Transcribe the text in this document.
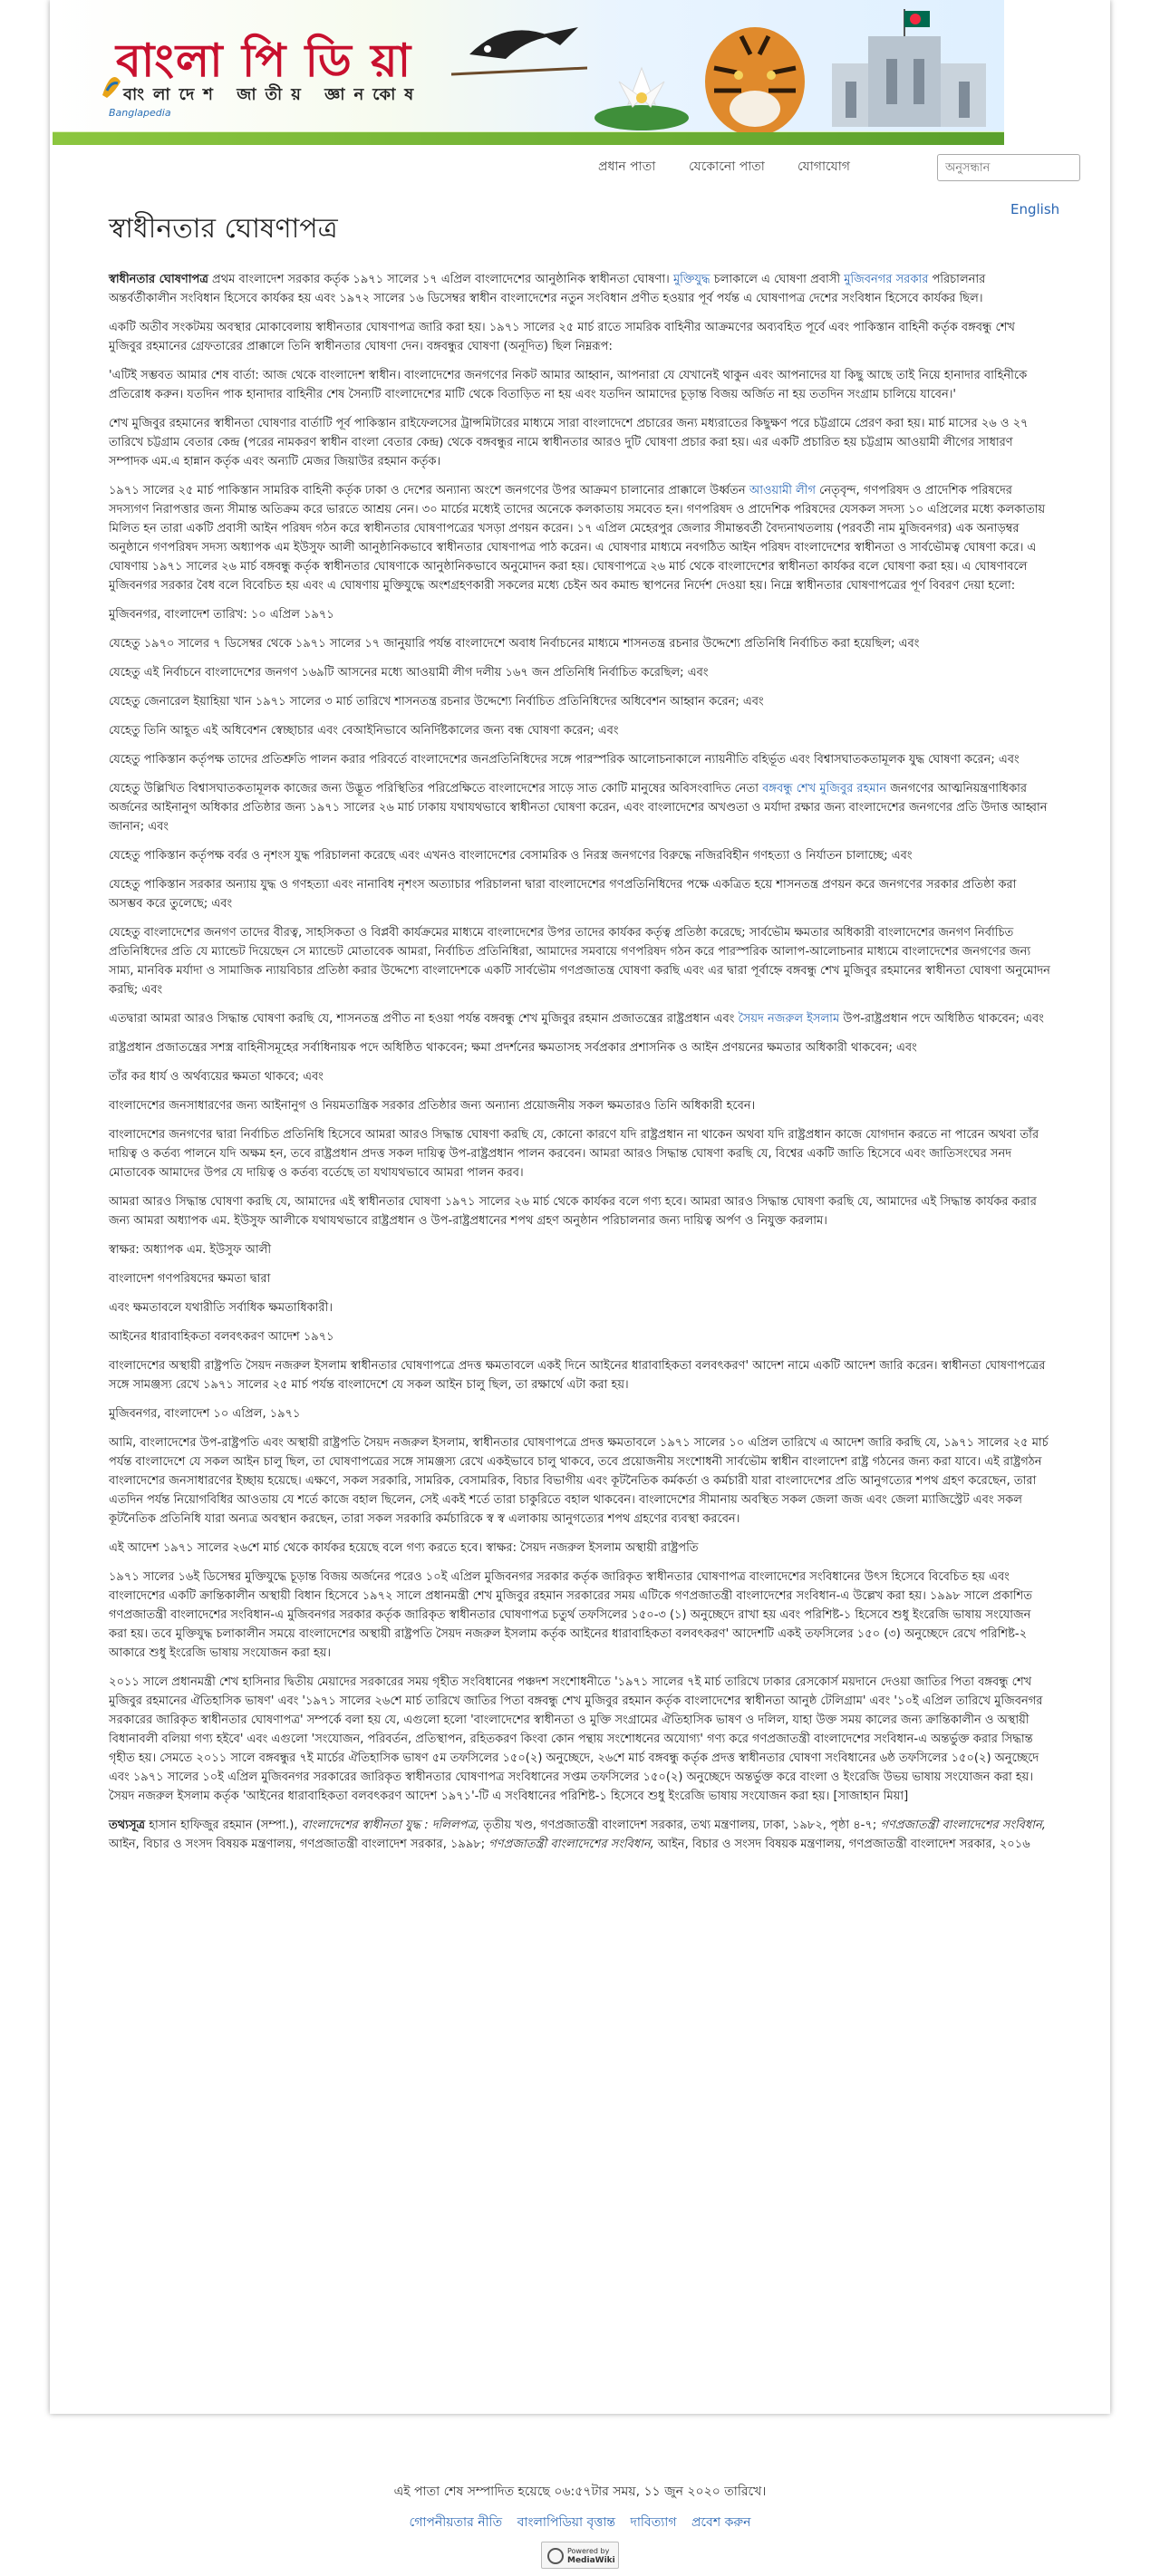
বাংলা পি ডি য়া
বাংলাদেশ জাতীয় জ্ঞানকোষ
Banglapedia
প্রধান পাতা	যেকোনো পাতা	যোগাযোগ
অনুসন্ধান
English
স্বাধীনতার ঘোষণাপত্র

স্বাধীনতার ঘোষণাপত্র প্রথম বাংলাদেশ সরকার কর্তৃক ১৯৭১ সালের ১৭ এপ্রিল বাংলাদেশের আনুষ্ঠানিক স্বাধীনতা ঘোষণা। মুক্তিযুদ্ধ চলাকালে এ ঘোষণা প্রবাসী মুজিবনগর সরকার পরিচালনার অন্তর্বর্তীকালীন সংবিধান হিসেবে কার্যকর হয় এবং ১৯৭২ সালের ১৬ ডিসেম্বর স্বাধীন বাংলাদেশের নতুন সংবিধান প্রণীত হওয়ার পূর্ব পর্যন্ত এ ঘোষণাপত্র দেশের সংবিধান হিসেবে কার্যকর ছিল।

একটি অতীব সংকটময় অবস্থার মোকাবেলায় স্বাধীনতার ঘোষণাপত্র জারি করা হয়। ১৯৭১ সালের ২৫ মার্চ রাতে সামরিক বাহিনীর আক্রমণের অব্যবহিত পূর্বে এবং পাকিস্তান বাহিনী কর্তৃক বঙ্গবন্ধু শেখ মুজিবুর রহমানের গ্রেফতারের প্রাক্কালে তিনি স্বাধীনতার ঘোষণা দেন। বঙ্গবন্ধুর ঘোষণা (অনূদিত) ছিল নিম্নরূপ:

'এটিই সম্ভবত আমার শেষ বার্তা: আজ থেকে বাংলাদেশ স্বাধীন। বাংলাদেশের জনগণের নিকট আমার আহ্বান, আপনারা যে যেখানেই থাকুন এবং আপনাদের যা কিছু আছে তাই নিয়ে হানাদার বাহিনীকে প্রতিরোধ করুন। যতদিন পাক হানাদার বাহিনীর শেষ সৈন্যটি বাংলাদেশের মাটি থেকে বিতাড়িত না হয় এবং যতদিন আমাদের চূড়ান্ত বিজয় অর্জিত না হয় ততদিন সংগ্রাম চালিয়ে যাবেন।'

শেখ মুজিবুর রহমানের স্বাধীনতা ঘোষণার বার্তাটি পূর্ব পাকিস্তান রাইফেলসের ট্রান্সমিটারের মাধ্যমে সারা বাংলাদেশে প্রচারের জন্য মধ্যরাতের কিছুক্ষণ পরে চট্টগ্রামে প্রেরণ করা হয়। মার্চ মাসের ২৬ ও ২৭ তারিখে চট্টগ্রাম বেতার কেন্দ্র (পরের নামকরণ স্বাধীন বাংলা বেতার কেন্দ্র) থেকে বঙ্গবন্ধুর নামে স্বাধীনতার আরও দুটি ঘোষণা প্রচার করা হয়। এর একটি প্রচারিত হয় চট্টগ্রাম আওয়ামী লীগের সাধারণ সম্পাদক এম.এ হান্নান কর্তৃক এবং অন্যটি মেজর জিয়াউর রহমান কর্তৃক।

১৯৭১ সালের ২৫ মার্চ পাকিস্তান সামরিক বাহিনী কর্তৃক ঢাকা ও দেশের অন্যান্য অংশে জনগণের উপর আক্রমণ চালানোর প্রাক্কালে উর্ধ্বতন আওয়ামী লীগ নেতৃবৃন্দ, গণপরিষদ ও প্রাদেশিক পরিষদের সদস্যগণ নিরাপত্তার জন্য সীমান্ত অতিক্রম করে ভারতে আশ্রয় নেন। ৩০ মার্চের মধ্যেই তাদের অনেকে কলকাতায় সমবেত হন। গণপরিষদ ও প্রাদেশিক পরিষদের যেসকল সদস্য ১০ এপ্রিলের মধ্যে কলকাতায় মিলিত হন তারা একটি প্রবাসী আইন পরিষদ গঠন করে স্বাধীনতার ঘোষণাপত্রের খসড়া প্রণয়ন করেন। ১৭ এপ্রিল মেহেরপুর জেলার সীমান্তবর্তী বৈদ্যনাথতলায় (পরবর্তী নাম মুজিবনগর) এক অনাড়ম্বর অনুষ্ঠানে গণপরিষদ সদস্য অধ্যাপক এম ইউসুফ আলী আনুষ্ঠানিকভাবে স্বাধীনতার ঘোষণাপত্র পাঠ করেন। এ ঘোষণার মাধ্যমে নবগঠিত আইন পরিষদ বাংলাদেশের স্বাধীনতা ও সার্বভৌমত্ব ঘোষণা করে। এ ঘোষণায় ১৯৭১ সালের ২৬ মার্চ বঙ্গবন্ধু কর্তৃক স্বাধীনতার ঘোষণাকে আনুষ্ঠানিকভাবে অনুমোদন করা হয়। ঘোষণাপত্রে ২৬ মার্চ থেকে বাংলাদেশের স্বাধীনতা কার্যকর বলে ঘোষণা করা হয়। এ ঘোষণাবলে মুজিবনগর সরকার বৈধ বলে বিবেচিত হয় এবং এ ঘোষণায় মুক্তিযুদ্ধে অংশগ্রহণকারী সকলের মধ্যে চেইন অব কমান্ড স্থাপনের নির্দেশ দেওয়া হয়। নিম্নে স্বাধীনতার ঘোষণাপত্রের পূর্ণ বিবরণ দেয়া হলো:

মুজিবনগর, বাংলাদেশ তারিখ: ১০ এপ্রিল ১৯৭১

যেহেতু ১৯৭০ সালের ৭ ডিসেম্বর থেকে ১৯৭১ সালের ১৭ জানুয়ারি পর্যন্ত বাংলাদেশে অবাধ নির্বাচনের মাধ্যমে শাসনতন্ত্র রচনার উদ্দেশ্যে প্রতিনিধি নির্বাচিত করা হয়েছিল; এবং

যেহেতু এই নির্বাচনে বাংলাদেশের জনগণ ১৬৯টি আসনের মধ্যে আওয়ামী লীগ দলীয় ১৬৭ জন প্রতিনিধি নির্বাচিত করেছিল; এবং

যেহেতু জেনারেল ইয়াহিয়া খান ১৯৭১ সালের ৩ মার্চ তারিখে শাসনতন্ত্র রচনার উদ্দেশ্যে নির্বাচিত প্রতিনিধিদের অধিবেশন আহ্বান করেন; এবং

যেহেতু তিনি আহূত এই অধিবেশন স্বেচ্ছাচার এবং বেআইনিভাবে অনির্দিষ্টকালের জন্য বন্ধ ঘোষণা করেন; এবং

যেহেতু পাকিস্তান কর্তৃপক্ষ তাদের প্রতিশ্রুতি পালন করার পরিবর্তে বাংলাদেশের জনপ্রতিনিধিদের সঙ্গে পারস্পরিক আলোচনাকালে ন্যায়নীতি বহির্ভূত এবং বিশ্বাসঘাতকতামূলক যুদ্ধ ঘোষণা করেন; এবং

যেহেতু উল্লিখিত বিশ্বাসঘাতকতামূলক কাজের জন্য উদ্ভূত পরিস্থিতির পরিপ্রেক্ষিতে বাংলাদেশের সাড়ে সাত কোটি মানুষের অবিসংবাদিত নেতা বঙ্গবন্ধু শেখ মুজিবুর রহমান জনগণের আত্মনিয়ন্ত্রণাধিকার অর্জনের আইনানুগ অধিকার প্রতিষ্ঠার জন্য ১৯৭১ সালের ২৬ মার্চ ঢাকায় যথাযথভাবে স্বাধীনতা ঘোষণা করেন, এবং বাংলাদেশের অখণ্ডতা ও মর্যাদা রক্ষার জন্য বাংলাদেশের জনগণের প্রতি উদাত্ত আহ্বান জানান; এবং

যেহেতু পাকিস্তান কর্তৃপক্ষ বর্বর ও নৃশংস যুদ্ধ পরিচালনা করেছে এবং এখনও বাংলাদেশের বেসামরিক ও নিরস্ত্র জনগণের বিরুদ্ধে নজিরবিহীন গণহত্যা ও নির্যাতন চালাচ্ছে; এবং

যেহেতু পাকিস্তান সরকার অন্যায় যুদ্ধ ও গণহত্যা এবং নানাবিধ নৃশংস অত্যাচার পরিচালনা দ্বারা বাংলাদেশের গণপ্রতিনিধিদের পক্ষে একত্রিত হয়ে শাসনতন্ত্র প্রণয়ন করে জনগণের সরকার প্রতিষ্ঠা করা অসম্ভব করে তুলেছে; এবং

যেহেতু বাংলাদেশের জনগণ তাদের বীরত্ব, সাহসিকতা ও বিপ্লবী কার্যক্রমের মাধ্যমে বাংলাদেশের উপর তাদের কার্যকর কর্তৃত্ব প্রতিষ্ঠা করেছে; সার্বভৌম ক্ষমতার অধিকারী বাংলাদেশের জনগণ নির্বাচিত প্রতিনিধিদের প্রতি যে ম্যান্ডেট দিয়েছেন সে ম্যান্ডেট মোতাবেক আমরা, নির্বাচিত প্রতিনিধিরা, আমাদের সমবায়ে গণপরিষদ গঠন করে পারস্পরিক আলাপ-আলোচনার মাধ্যমে বাংলাদেশের জনগণের জন্য সাম্য, মানবিক মর্যাদা ও সামাজিক ন্যায়বিচার প্রতিষ্ঠা করার উদ্দেশ্যে বাংলাদেশকে একটি সার্বভৌম গণপ্রজাতন্ত্র ঘোষণা করছি এবং এর দ্বারা পূর্বাহ্নে বঙ্গবন্ধু শেখ মুজিবুর রহমানের স্বাধীনতা ঘোষণা অনুমোদন করছি; এবং

এতদ্বারা আমরা আরও সিদ্ধান্ত ঘোষণা করছি যে, শাসনতন্ত্র প্রণীত না হওয়া পর্যন্ত বঙ্গবন্ধু শেখ মুজিবুর রহমান প্রজাতন্ত্রের রাষ্ট্রপ্রধান এবং সৈয়দ নজরুল ইসলাম উপ-রাষ্ট্রপ্রধান পদে অধিষ্ঠিত থাকবেন; এবং

রাষ্ট্রপ্রধান প্রজাতন্ত্রের সশস্ত্র বাহিনীসমূহের সর্বাধিনায়ক পদে অধিষ্ঠিত থাকবেন; ক্ষমা প্রদর্শনের ক্ষমতাসহ সর্বপ্রকার প্রশাসনিক ও আইন প্রণয়নের ক্ষমতার অধিকারী থাকবেন; এবং

তাঁর কর ধার্য ও অর্থব্যয়ের ক্ষমতা থাকবে; এবং

বাংলাদেশের জনসাধারণের জন্য আইনানুগ ও নিয়মতান্ত্রিক সরকার প্রতিষ্ঠার জন্য অন্যান্য প্রয়োজনীয় সকল ক্ষমতারও তিনি অধিকারী হবেন।

বাংলাদেশের জনগণের দ্বারা নির্বাচিত প্রতিনিধি হিসেবে আমরা আরও সিদ্ধান্ত ঘোষণা করছি যে, কোনো কারণে যদি রাষ্ট্রপ্রধান না থাকেন অথবা যদি রাষ্ট্রপ্রধান কাজে যোগদান করতে না পারেন অথবা তাঁর দায়িত্ব ও কর্তব্য পালনে যদি অক্ষম হন, তবে রাষ্ট্রপ্রধান প্রদত্ত সকল দায়িত্ব উপ-রাষ্ট্রপ্রধান পালন করবেন। আমরা আরও সিদ্ধান্ত ঘোষণা করছি যে, বিশ্বের একটি জাতি হিসেবে এবং জাতিসংঘের সনদ মোতাবেক আমাদের উপর যে দায়িত্ব ও কর্তব্য বর্তেছে তা যথাযথভাবে আমরা পালন করব।

আমরা আরও সিদ্ধান্ত ঘোষণা করছি যে, আমাদের এই স্বাধীনতার ঘোষণা ১৯৭১ সালের ২৬ মার্চ থেকে কার্যকর বলে গণ্য হবে। আমরা আরও সিদ্ধান্ত ঘোষণা করছি যে, আমাদের এই সিদ্ধান্ত কার্যকর করার জন্য আমরা অধ্যাপক এম. ইউসুফ আলীকে যথাযথভাবে রাষ্ট্রপ্রধান ও উপ-রাষ্ট্রপ্রধানের শপথ গ্রহণ অনুষ্ঠান পরিচালনার জন্য দায়িত্ব অর্পণ ও নিযুক্ত করলাম।

স্বাক্ষর: অধ্যাপক এম. ইউসুফ আলী

বাংলাদেশ গণপরিষদের ক্ষমতা দ্বারা

এবং ক্ষমতাবলে যথারীতি সর্বাধিক ক্ষমতাধিকারী।

আইনের ধারাবাহিকতা বলবৎকরণ আদেশ ১৯৭১

বাংলাদেশের অস্থায়ী রাষ্ট্রপতি সৈয়দ নজরুল ইসলাম স্বাধীনতার ঘোষণাপত্রে প্রদত্ত ক্ষমতাবলে একই দিনে আইনের ধারাবাহিকতা বলবৎকরণ' আদেশ নামে একটি আদেশ জারি করেন। স্বাধীনতা ঘোষণাপত্রের সঙ্গে সামঞ্জস্য রেখে ১৯৭১ সালের ২৫ মার্চ পর্যন্ত বাংলাদেশে যে সকল আইন চালু ছিল, তা রক্ষার্থে এটা করা হয়।

মুজিবনগর, বাংলাদেশ ১০ এপ্রিল, ১৯৭১

আমি, বাংলাদেশের উপ-রাষ্ট্রপতি এবং অস্থায়ী রাষ্ট্রপতি সৈয়দ নজরুল ইসলাম, স্বাধীনতার ঘোষণাপত্রে প্রদত্ত ক্ষমতাবলে ১৯৭১ সালের ১০ এপ্রিল তারিখে এ আদেশ জারি করছি যে, ১৯৭১ সালের ২৫ মার্চ পর্যন্ত বাংলাদেশে যে সকল আইন চালু ছিল, তা ঘোষণাপত্রের সঙ্গে সামঞ্জস্য রেখে একইভাবে চালু থাকবে, তবে প্রয়োজনীয় সংশোধনী সার্বভৌম স্বাধীন বাংলাদেশ রাষ্ট্র গঠনের জন্য করা যাবে। এই রাষ্ট্রগঠন বাংলাদেশের জনসাধারণের ইচ্ছায় হয়েছে। এক্ষণে, সকল সরকারি, সামরিক, বেসামরিক, বিচার বিভাগীয় এবং কূটনৈতিক কর্মকর্তা ও কর্মচারী যারা বাংলাদেশের প্রতি আনুগত্যের শপথ গ্রহণ করেছেন, তারা এতদিন পর্যন্ত নিয়োগবিধির আওতায় যে শর্তে কাজে বহাল ছিলেন, সেই একই শর্তে তারা চাকুরিতে বহাল থাকবেন। বাংলাদেশের সীমানায় অবস্থিত সকল জেলা জজ এবং জেলা ম্যাজিস্ট্রেট এবং সকল কূটনৈতিক প্রতিনিধি যারা অন্যত্র অবস্থান করছেন, তারা সকল সরকারি কর্মচারিকে স্ব স্ব এলাকায় আনুগত্যের শপথ গ্রহণের ব্যবস্থা করবেন।

এই আদেশ ১৯৭১ সালের ২৬শে মার্চ থেকে কার্যকর হয়েছে বলে গণ্য করতে হবে। স্বাক্ষর: সৈয়দ নজরুল ইসলাম অস্থায়ী রাষ্ট্রপতি

১৯৭১ সালের ১৬ই ডিসেম্বর মুক্তিযুদ্ধে চূড়ান্ত বিজয় অর্জনের পরেও ১০ই এপ্রিল মুজিবনগর সরকার কর্তৃক জারিকৃত স্বাধীনতার ঘোষণাপত্র বাংলাদেশের সংবিধানের উৎস হিসেবে বিবেচিত হয় এবং বাংলাদেশের একটি ক্রান্তিকালীন অস্থায়ী বিধান হিসেবে ১৯৭২ সালে প্রধানমন্ত্রী শেখ মুজিবুর রহমান সরকারের সময় এটিকে গণপ্রজাতন্ত্রী বাংলাদেশের সংবিধান-এ উল্লেখ করা হয়। ১৯৯৮ সালে প্রকাশিত গণপ্রজাতন্ত্রী বাংলাদেশের সংবিধান-এ মুজিবনগর সরকার কর্তৃক জারিকৃত স্বাধীনতার ঘোষণাপত্র চতুর্থ তফসিলের ১৫০-৩ (১) অনুচ্ছেদে রাখা হয় এবং পরিশিষ্ট-১ হিসেবে শুধু ইংরেজি ভাষায় সংযোজন করা হয়। তবে মুক্তিযুদ্ধ চলাকালীন সময়ে বাংলাদেশের অস্থায়ী রাষ্ট্রপতি সৈয়দ নজরুল ইসলাম কর্তৃক আইনের ধারাবাহিকতা বলবৎকরণ' আদেশটি একই তফসিলের ১৫০ (৩) অনুচ্ছেদে রেখে পরিশিষ্ট-২ আকারে শুধু ইংরেজি ভাষায় সংযোজন করা হয়।

২০১১ সালে প্রধানমন্ত্রী শেখ হাসিনার দ্বিতীয় মেয়াদের সরকারের সময় গৃহীত সংবিধানের পঞ্চদশ সংশোধনীতে '১৯৭১ সালের ৭ই মার্চ তারিখে ঢাকার রেসকোর্স ময়দানে দেওয়া জাতির পিতা বঙ্গবন্ধু শেখ মুজিবুর রহমানের ঐতিহাসিক ভাষণ' এবং '১৯৭১ সালের ২৬শে মার্চ তারিখে জাতির পিতা বঙ্গবন্ধু শেখ মুজিবুর রহমান কর্তৃক বাংলাদেশের স্বাধীনতা আনুষ্ঠ টেলিগ্রাম' এবং '১০ই এপ্রিল তারিখে মুজিবনগর সরকারের জারিকৃত স্বাধীনতার ঘোষণাপত্র' সম্পর্কে বলা হয় যে, এগুলো হলো 'বাংলাদেশের স্বাধীনতা ও মুক্তি সংগ্রামের ঐতিহাসিক ভাষণ ও দলিল, যাহা উক্ত সময় কালের জন্য ক্রান্তিকালীন ও অস্থায়ী বিধানাবলী বলিয়া গণ্য হইবে' এবং এগুলো 'সংযোজন, পরিবর্তন, প্রতিস্থাপন, রহিতকরণ কিংবা কোন পন্থায় সংশোধনের অযোগ্য' গণ্য করে গণপ্রজাতন্ত্রী বাংলাদেশের সংবিধান-এ অন্তর্ভুক্ত করার সিদ্ধান্ত গৃহীত হয়। সেমতে ২০১১ সালে বঙ্গবন্ধুর ৭ই মার্চের ঐতিহাসিক ভাষণ ৫ম তফসিলের ১৫০(২) অনুচ্ছেদে, ২৬শে মার্চ বঙ্গবন্ধু কর্তৃক প্রদত্ত স্বাধীনতার ঘোষণা সংবিধানের ৬ষ্ঠ তফসিলের ১৫০(২) অনুচ্ছেদে এবং ১৯৭১ সালের ১০ই এপ্রিল মুজিবনগর সরকারের জারিকৃত স্বাধীনতার ঘোষণাপত্র সংবিধানের সপ্তম তফসিলের ১৫০(২) অনুচ্ছেদে অন্তর্ভুক্ত করে বাংলা ও ইংরেজি উভয় ভাষায় সংযোজন করা হয়। সৈয়দ নজরুল ইসলাম কর্তৃক 'আইনের ধারাবাহিকতা বলবৎকরণ আদেশ ১৯৭১'-টি এ সংবিধানের পরিশিষ্ট-১ হিসেবে শুধু ইংরেজি ভাষায় সংযোজন করা হয়। [সাজাহান মিয়া]

তথ্যসূত্র হাসান হাফিজুর রহমান (সম্পা.), বাংলাদেশের স্বাধীনতা যুদ্ধ : দলিলপত্র, তৃতীয় খণ্ড, গণপ্রজাতন্ত্রী বাংলাদেশ সরকার, তথ্য মন্ত্রণালয়, ঢাকা, ১৯৮২, পৃষ্ঠা ৪-৭; গণপ্রজাতন্ত্রী বাংলাদেশের সংবিধান, আইন, বিচার ও সংসদ বিষয়ক মন্ত্রণালয়, গণপ্রজাতন্ত্রী বাংলাদেশ সরকার, ১৯৯৮; গণপ্রজাতন্ত্রী বাংলাদেশের সংবিধান, আইন, বিচার ও সংসদ বিষয়ক মন্ত্রণালয়, গণপ্রজাতন্ত্রী বাংলাদেশ সরকার, ২০১৬

এই পাতা শেষ সম্পাদিত হয়েছে ০৬:৫৭টার সময়, ১১ জুন ২০২০ তারিখে।
গোপনীয়তার নীতি বাংলাপিডিয়া বৃত্তান্ত দাবিত্যাগ প্রবেশ করুন
Powered by
MediaWiki
